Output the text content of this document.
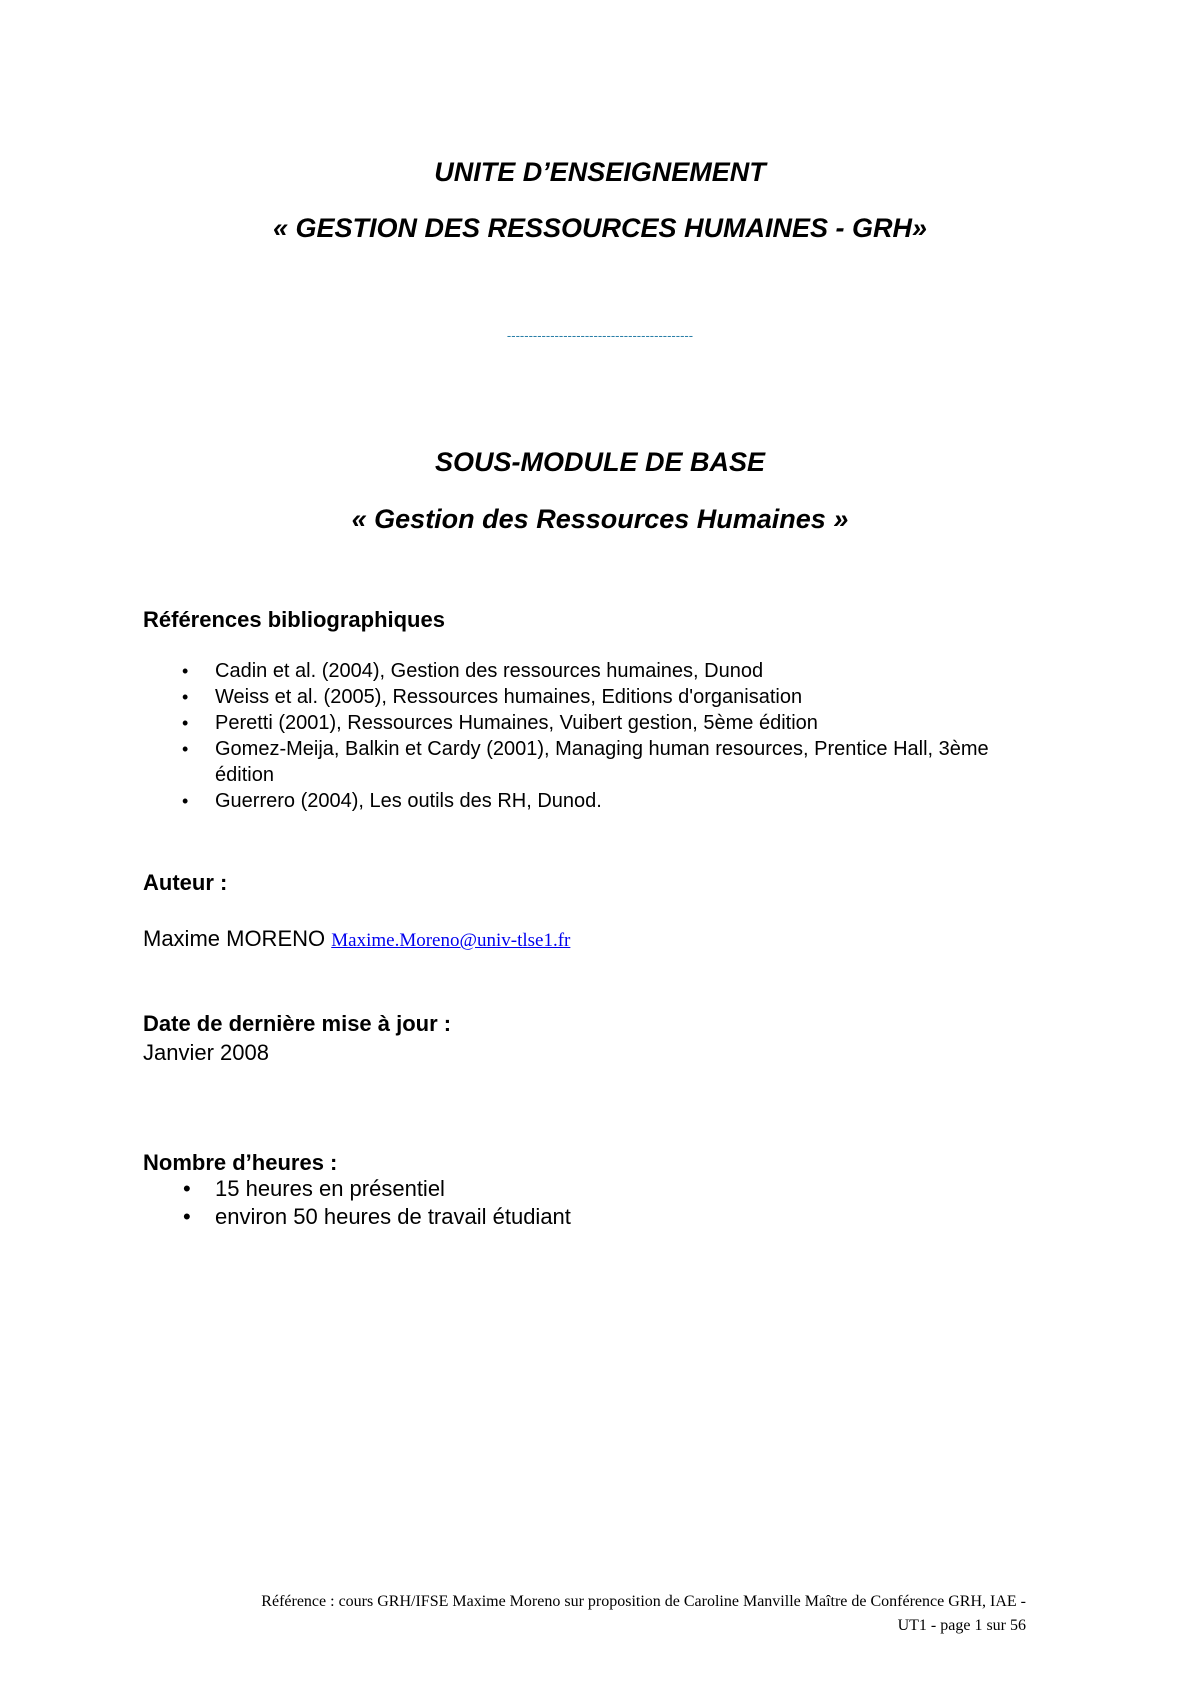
UNITE D’ENSEIGNEMENT
« GESTION DES RESSOURCES HUMAINES - GRH»
-------------------------------------------
SOUS-MODULE DE BASE
« Gestion des Ressources Humaines »
Références bibliographiques
• Cadin et al. (2004), Gestion des ressources humaines, Dunod
• Weiss et al. (2005), Ressources humaines, Editions d'organisation
• Peretti (2001), Ressources Humaines, Vuibert gestion, 5ème édition
• Gomez-Meija, Balkin et Cardy (2001), Managing human resources, Prentice Hall, 3ème édition
• Guerrero (2004), Les outils des RH, Dunod.
Auteur :
Maxime MORENO Maxime.Moreno@univ-tlse1.fr
Date de dernière mise à jour :
Janvier 2008
Nombre d’heures :
• 15 heures en présentiel
• environ 50 heures de travail étudiant
Référence : cours GRH/IFSE Maxime Moreno sur proposition de Caroline Manville Maître de Conférence GRH, IAE -
UT1 - page 1 sur 56
